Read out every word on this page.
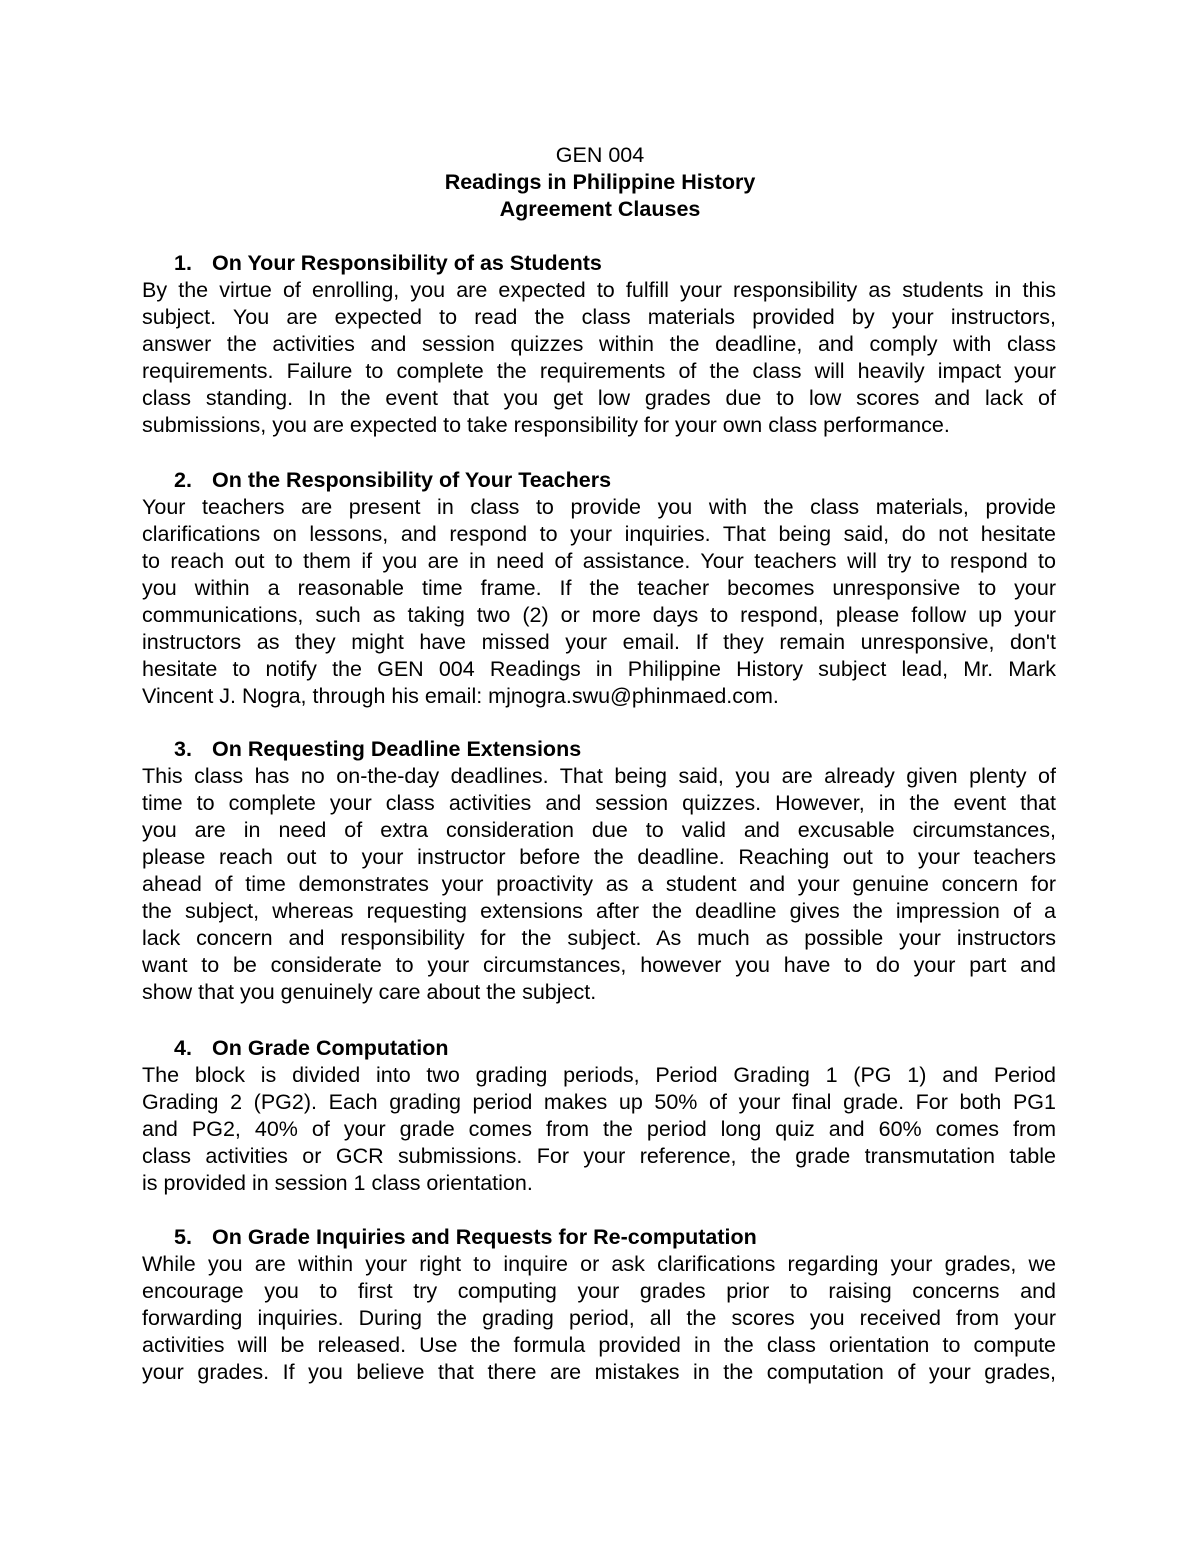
GEN 004
Readings in Philippine History
Agreement Clauses
1. On Your Responsibility of as Students
By the virtue of enrolling, you are expected to fulfill your responsibility as students in this
subject. You are expected to read the class materials provided by your instructors,
answer the activities and session quizzes within the deadline, and comply with class
requirements. Failure to complete the requirements of the class will heavily impact your
class standing. In the event that you get low grades due to low scores and lack of
submissions, you are expected to take responsibility for your own class performance.
2. On the Responsibility of Your Teachers
Your teachers are present in class to provide you with the class materials, provide
clarifications on lessons, and respond to your inquiries. That being said, do not hesitate
to reach out to them if you are in need of assistance. Your teachers will try to respond to
you within a reasonable time frame. If the teacher becomes unresponsive to your
communications, such as taking two (2) or more days to respond, please follow up your
instructors as they might have missed your email. If they remain unresponsive, don't
hesitate to notify the GEN 004 Readings in Philippine History subject lead, Mr. Mark
Vincent J. Nogra, through his email: mjnogra.swu@phinmaed.com.
3. On Requesting Deadline Extensions
This class has no on-the-day deadlines. That being said, you are already given plenty of
time to complete your class activities and session quizzes. However, in the event that
you are in need of extra consideration due to valid and excusable circumstances,
please reach out to your instructor before the deadline. Reaching out to your teachers
ahead of time demonstrates your proactivity as a student and your genuine concern for
the subject, whereas requesting extensions after the deadline gives the impression of a
lack concern and responsibility for the subject. As much as possible your instructors
want to be considerate to your circumstances, however you have to do your part and
show that you genuinely care about the subject.
4. On Grade Computation
The block is divided into two grading periods, Period Grading 1 (PG 1) and Period
Grading 2 (PG2). Each grading period makes up 50% of your final grade. For both PG1
and PG2, 40% of your grade comes from the period long quiz and 60% comes from
class activities or GCR submissions. For your reference, the grade transmutation table
is provided in session 1 class orientation.
5. On Grade Inquiries and Requests for Re-computation
While you are within your right to inquire or ask clarifications regarding your grades, we
encourage you to first try computing your grades prior to raising concerns and
forwarding inquiries. During the grading period, all the scores you received from your
activities will be released. Use the formula provided in the class orientation to compute
your grades. If you believe that there are mistakes in the computation of your grades,
